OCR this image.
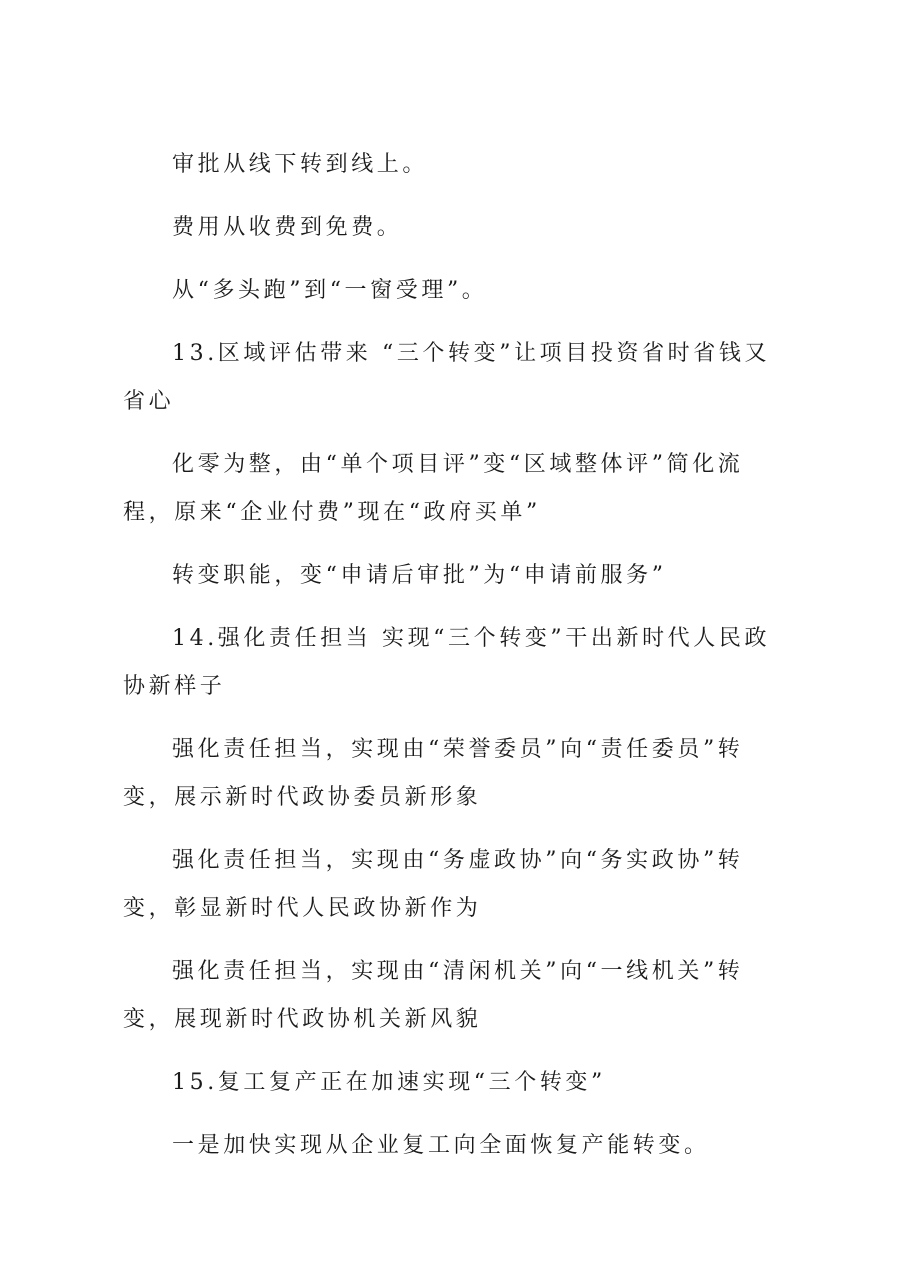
审批从线下转到线上。

费用从收费到免费。

从“多头跑”到“一窗受理”。

13.区域评估带来 “三个转变”让项目投资省时省钱又省心

化零为整，由“单个项目评”变“区域整体评”简化流程，原来“企业付费”现在“政府买单”

转变职能，变“申请后审批”为“申请前服务”

14.强化责任担当 实现“三个转变”干出新时代人民政协新样子

强化责任担当，实现由“荣誉委员”向“责任委员”转变，展示新时代政协委员新形象

强化责任担当，实现由“务虚政协”向“务实政协”转变，彰显新时代人民政协新作为

强化责任担当，实现由“清闲机关”向“一线机关”转变，展现新时代政协机关新风貌

15.复工复产正在加速实现“三个转变”

一是加快实现从企业复工向全面恢复产能转变。
